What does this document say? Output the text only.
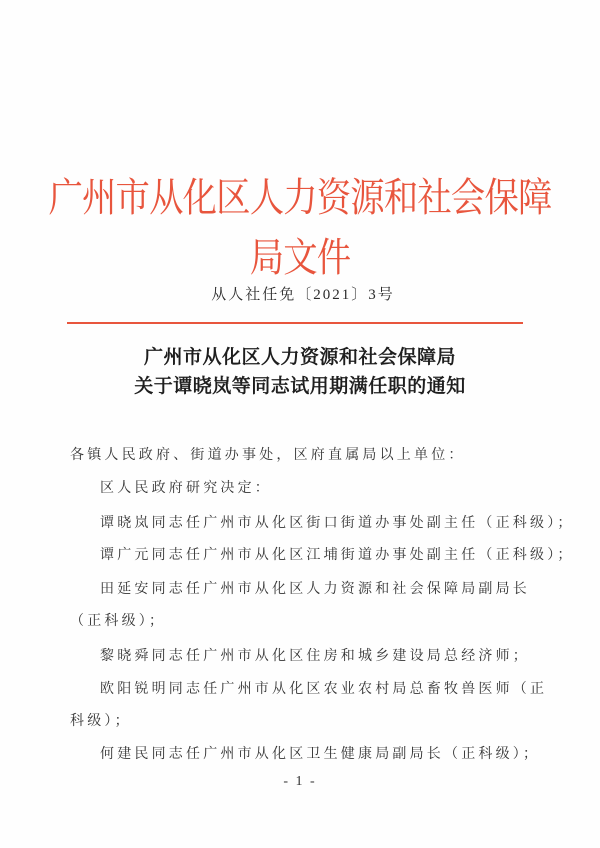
广州市从化区人力资源和社会保障局文件
从人社任免〔2021〕3号
广州市从化区人力资源和社会保障局
关于谭晓岚等同志试用期满任职的通知
各镇人民政府、街道办事处，区府直属局以上单位：
区人民政府研究决定：
谭晓岚同志任广州市从化区街口街道办事处副主任（正科级）；
谭广元同志任广州市从化区江埔街道办事处副主任（正科级）；
田延安同志任广州市从化区人力资源和社会保障局副局长
（正科级）；
黎晓舜同志任广州市从化区住房和城乡建设局总经济师；
欧阳锐明同志任广州市从化区农业农村局总畜牧兽医师（正
科级）；
何建民同志任广州市从化区卫生健康局副局长（正科级）；
- 1 -
